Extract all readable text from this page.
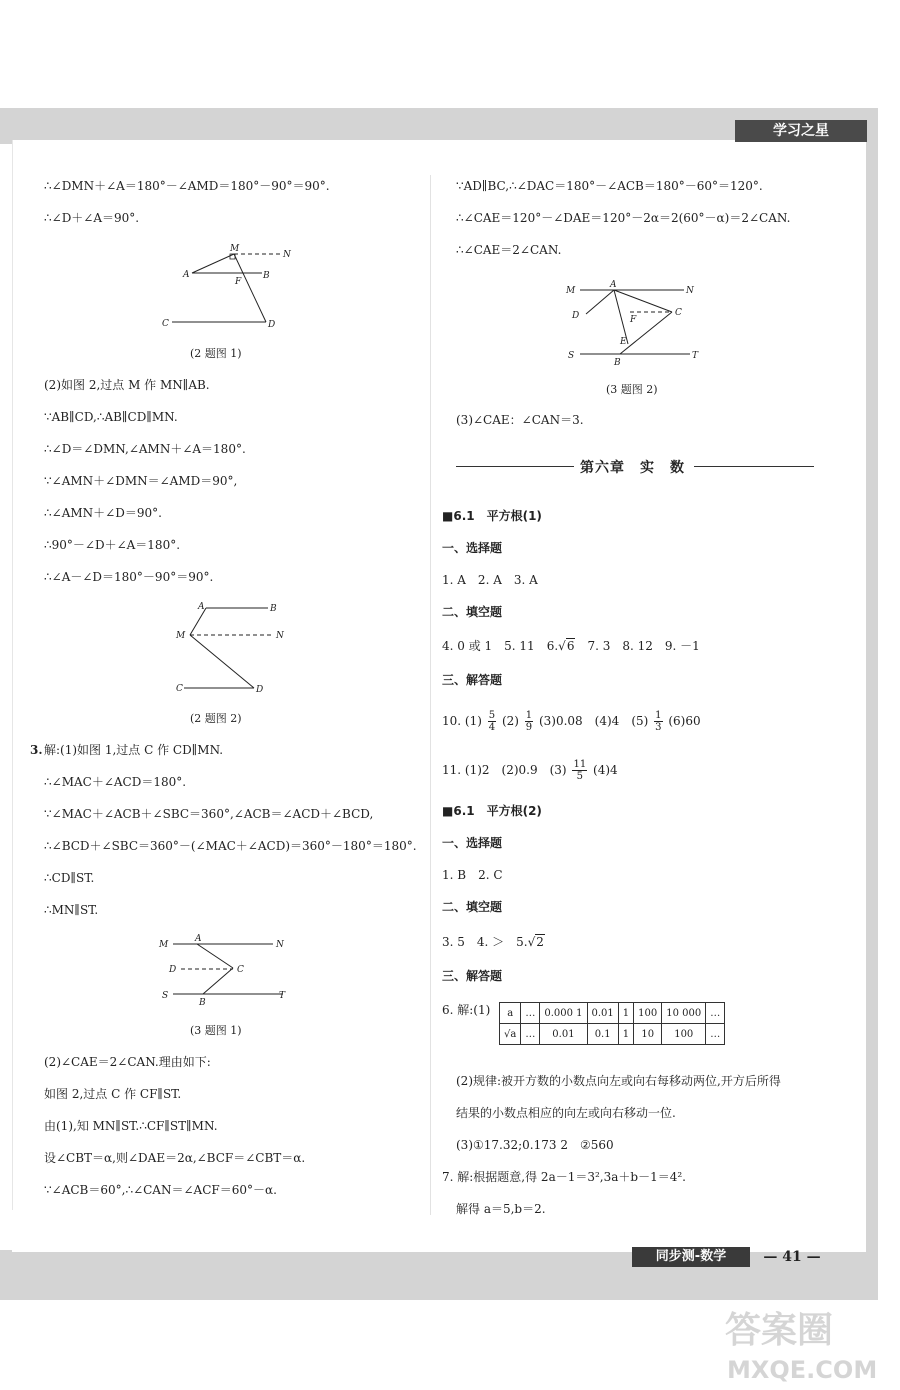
学习之星
∴∠DMN＋∠A＝180°－∠AMD＝180°－90°＝90°.
∴∠D＋∠A＝90°.
M
N
A	B
F
C	D
(2 题图 1)
(2)如图 2,过点 M 作 MN∥AB.
∵AB∥CD,∴AB∥CD∥MN.
∴∠D＝∠DMN,∠AMN＋∠A＝180°.
∵∠AMN＋∠DMN＝∠AMD＝90°,
∴∠AMN＋∠D＝90°.
∴90°－∠D＋∠A＝180°.
∴∠A－∠D＝180°－90°＝90°.
A	B
M	N
C	D
(2 题图 2)
3. 解:(1)如图 1,过点 C 作 CD∥MN.
∴∠MAC＋∠ACD＝180°.
∵∠MAC＋∠ACB＋∠SBC＝360°,∠ACB＝∠ACD＋∠BCD,
∴∠BCD＋∠SBC＝360°－(∠MAC＋∠ACD)＝360°－180°＝180°.
∴CD∥ST.
∴MN∥ST.
M
A
N
D	C
S
B
T
(3 题图 1)
(2)∠CAE＝2∠CAN.理由如下:
如图 2,过点 C 作 CF∥ST.
由(1),知 MN∥ST.∴CF∥ST∥MN.
设∠CBT＝α,则∠DAE＝2α,∠BCF＝∠CBT＝α.
∵∠ACB＝60°,∴∠CAN＝∠ACF＝60°－α.
∵AD∥BC,∴∠DAC＝180°－∠ACB＝180°－60°＝120°.
∴∠CAE＝120°－∠DAE＝120°－2α＝2(60°－α)＝2∠CAN.
∴∠CAE＝2∠CAN.
M
A
N
D	C
F
E
S
B
T
(3 题图 2)
(3)∠CAE：∠CAN＝3.
第六章　实　数
■6.1　平方根(1)
一、选择题
1. A　2. A　3. A
二、填空题
4. 0 或 1　5. 11　6.√6　7. 3　8. 12　9. －1
三、解答题
10. $(1) \frac{5}{4} (2) \frac{1}{9} (3)0.08$　(4)4　$(5) \frac{1}{3} (6)60$
11. (1)2　(2)0.9　$(3) \frac{11}{5} (4)4$
■6.1　平方根(2)
一、选择题
1. B　2. C
二、填空题
3. 5　4. ＞　5.√2
三、解答题
6. 解:(1) a	…	0.000 1	0.01	1	100	10 000	…
√a	…	0.01	0.1	1	10	100	…
(2)规律:被开方数的小数点向左或向右每移动两位,开方后所得
结果的小数点相应的向左或向右移动一位.
(3)①17.32;0.173 2　②560
7. 解:根据题意,得 2a－1＝3²,3a＋b－1＝4².
解得 a＝5,b＝2.
同步测-数学	— 41 —
答案圈
MXQE.COM
